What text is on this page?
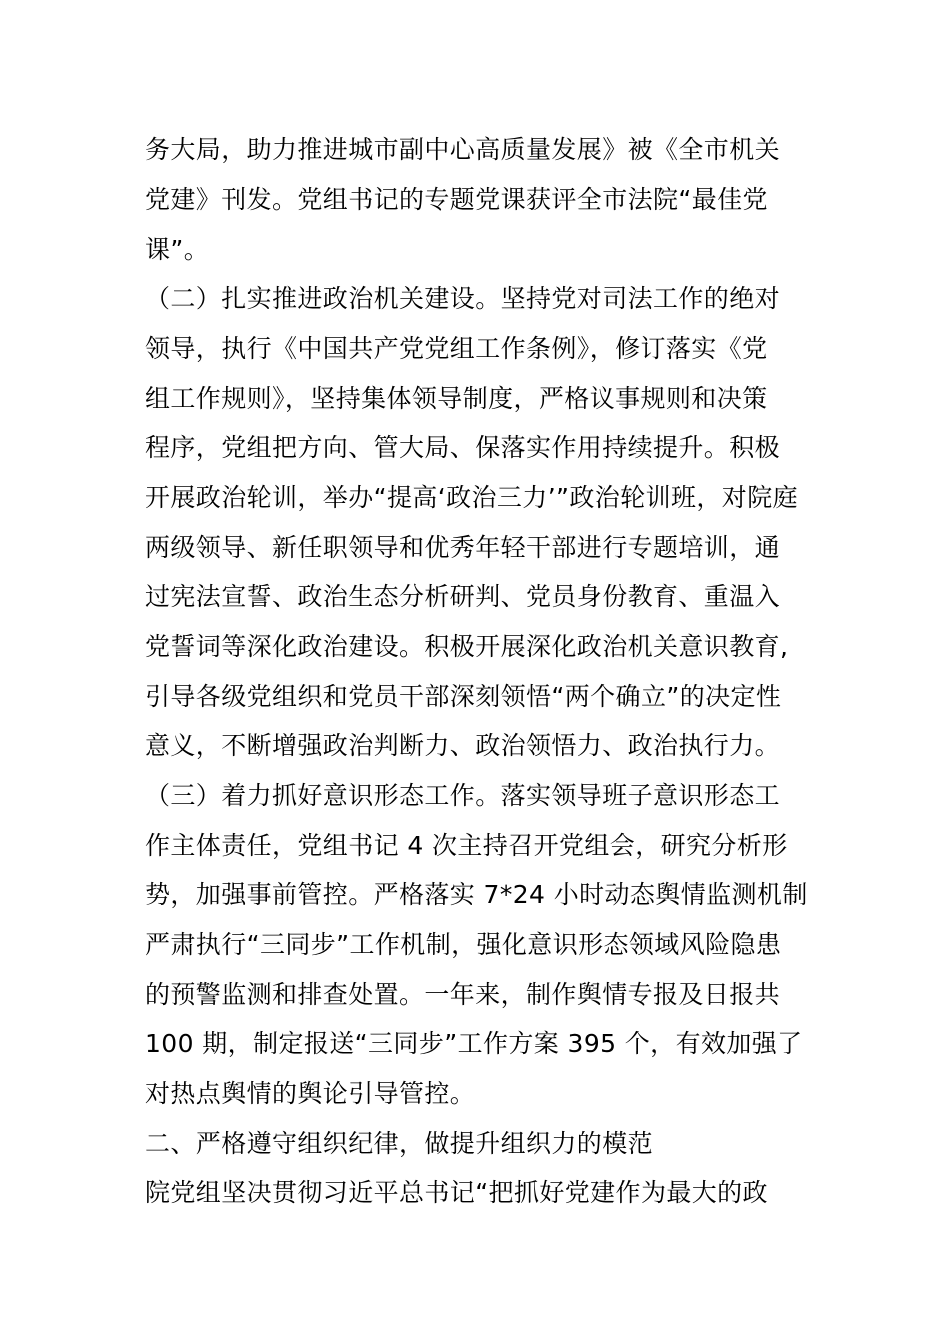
务大局，助力推进城市副中心高质量发展》被《全市机关
党建》刊发。党组书记的专题党课获评全市法院“最佳党
课”。
（二）扎实推进政治机关建设。坚持党对司法工作的绝对
领导，执行《中国共产党党组工作条例》，修订落实《党
组工作规则》，坚持集体领导制度，严格议事规则和决策
程序，党组把方向、管大局、保落实作用持续提升。积极
开展政治轮训，举办“提高‘政治三力’”政治轮训班，对院庭
两级领导、新任职领导和优秀年轻干部进行专题培训，通
过宪法宣誓、政治生态分析研判、党员身份教育、重温入
党誓词等深化政治建设。积极开展深化政治机关意识教育,
引导各级党组织和党员干部深刻领悟“两个确立”的决定性
意义，不断增强政治判断力、政治领悟力、政治执行力。
（三）着力抓好意识形态工作。落实领导班子意识形态工
作主体责任，党组书记 4 次主持召开党组会，研究分析形
势，加强事前管控。严格落实 7*24 小时动态舆情监测机制
严肃执行“三同步”工作机制，强化意识形态领域风险隐患
的预警监测和排查处置。一年来，制作舆情专报及日报共
100 期，制定报送“三同步”工作方案 395 个，有效加强了
对热点舆情的舆论引导管控。
二、严格遵守组织纪律，做提升组织力的模范
院党组坚决贯彻习近平总书记“把抓好党建作为最大的政
